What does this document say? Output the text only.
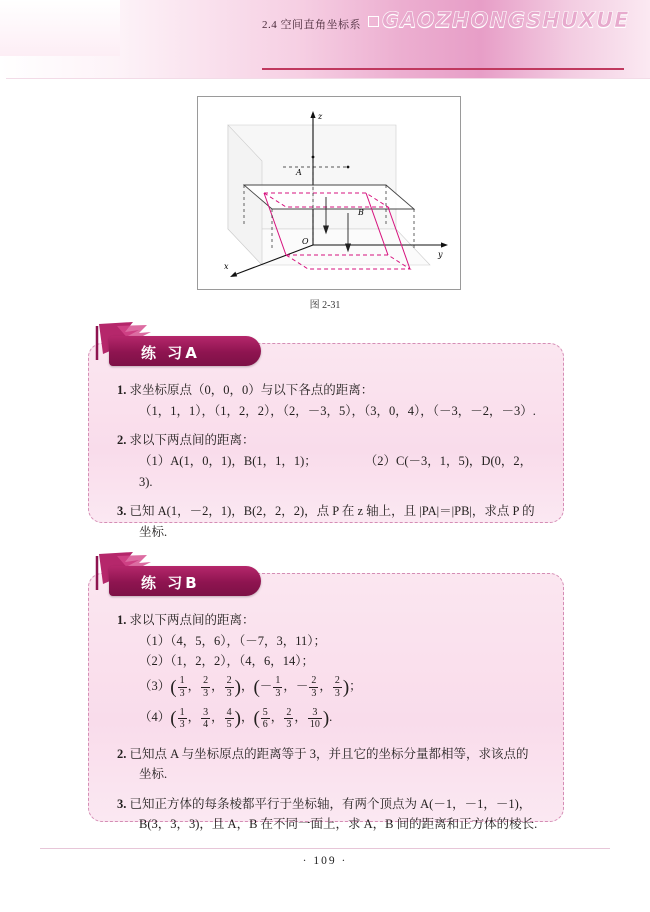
2.4 空间直角坐标系 GAOZHONGSHUXUE
z
y
x
O
A
B
图 2-31
练 习A
1. 求坐标原点（0，0，0）与以下各点的距离：
（1，1，1），（1，2，2），（2，－3，5），（3，0，4），（－3，－2，－3）.
2. 求以下两点间的距离：
（1）A(1，0，1)，B(1，1，1)；	（2）C(－3，1，5)，D(0，2，3).
3. 已知 A(1，－2，1)，B(2，2，2)，点 P 在 z 轴上，且 |PA|＝|PB|，求点 P 的
坐标.
练 习B
1. 求以下两点间的距离：
（1）（4，5，6），（－7，3，11）；
（2）（1，2，2），（4，6，14）；
$(3)( \frac{1}{3}$ ， $\frac{2}{3}$ ， $\frac{2}{3}$ )，(－ $\frac{1}{3}$ ，－ $\frac{2}{3}$ ， $\frac{2}{3}$ )；
$(4)( \frac{1}{3}$ ， $\frac{3}{4}$ ， $\frac{4}{5}$ )，( $\frac{5}{6}$ ， $\frac{2}{3}$ ， $\frac{3}{10}$ ).
2. 已知点 A 与坐标原点的距离等于 3，并且它的坐标分量都相等，求该点的
坐标.
3. 已知正方体的每条棱都平行于坐标轴，有两个顶点为 A(－1，－1，－1)，
B(3，3，3)，且 A，B 在不同一面上，求 A，B 间的距离和正方体的棱长.
· 109 ·
